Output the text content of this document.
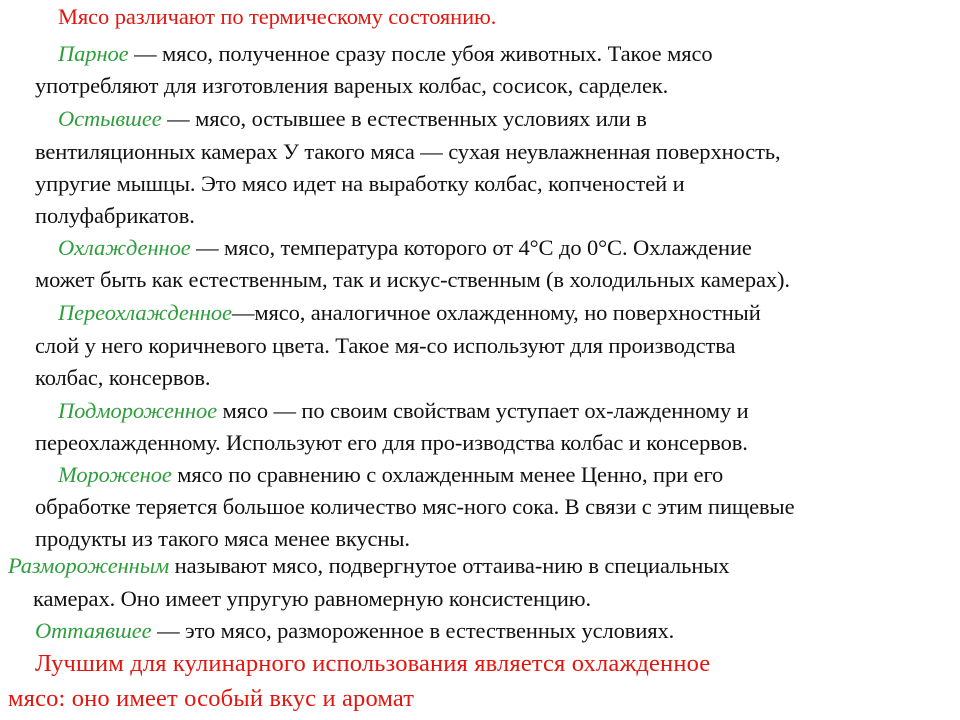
Мясо различают по термическому состоянию.
Парное — мясо, полученное сразу после убоя животных. Такое мясо
употребляют для изготовления вареных колбас, сосисок, сарделек.
Остывшее — мясо, остывшее в естественных условиях или в
вентиляционных камерах У такого мяса — сухая неувлажненная поверхность,
упругие мышцы. Это мясо идет на выработку колбас, копченостей и
полуфабрикатов.
Охлажденное — мясо, температура которого от 4°С до 0°С. Охлаждение
может быть как естественным, так и искус-ственным (в холодильных камерах).
Переохлажденное—мясо, аналогичное охлажденному, но поверхностный
слой у него коричневого цвета. Такое мя-со используют для производства
колбас, консервов.
Подмороженное мясо — по своим свойствам уступает ох-лажденному и
переохлажденному. Используют его для про-изводства колбас и консервов.
Мороженое мясо по сравнению с охлажденным менее Ценно, при его
обработке теряется большое количество мяс-ного сока. В связи с этим пищевые
продукты из такого мяса менее вкусны.
Размороженным называют мясо, подвергнутое оттаива-нию в специальных
камерах. Оно имеет упругую равномерную консистенцию.
Оттаявшее — это мясо, размороженное в естественных условиях.
Лучшим для кулинарного использования является охлажденное
мясо: оно имеет особый вкус и аромат
